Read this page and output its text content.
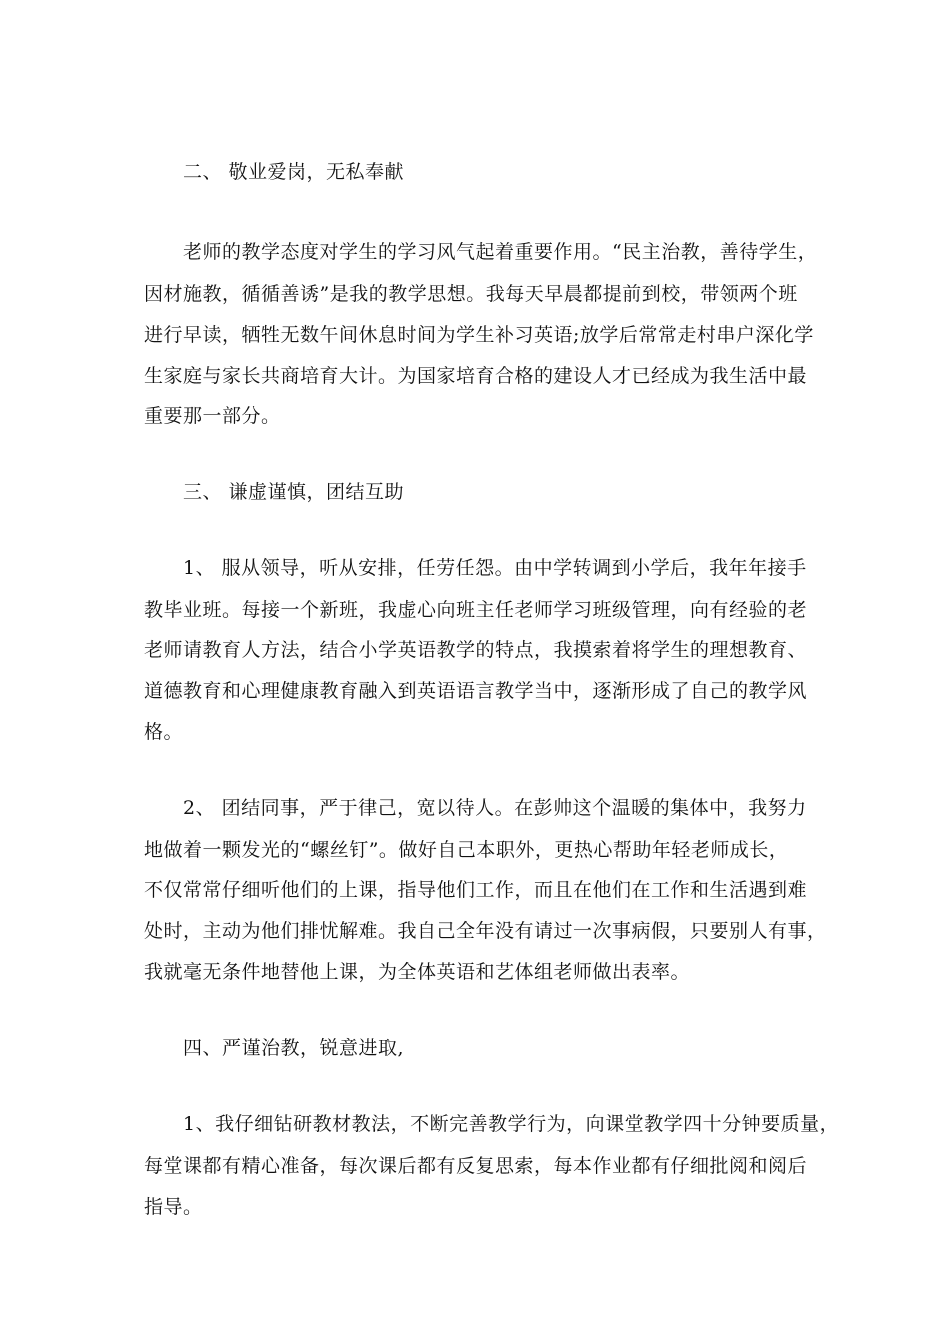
二、 敬业爱岗，无私奉献
老师的教学态度对学生的学习风气起着重要作用。“民主治教，善待学生，
因材施教，循循善诱”是我的教学思想。我每天早晨都提前到校，带领两个班
进行早读，牺牲无数午间休息时间为学生补习英语;放学后常常走村串户深化学
生家庭与家长共商培育大计。为国家培育合格的建设人才已经成为我生活中最
重要那一部分。
三、 谦虚谨慎，团结互助
1、 服从领导，听从安排，任劳任怨。由中学转调到小学后，我年年接手
教毕业班。每接一个新班，我虚心向班主任老师学习班级管理，向有经验的老
老师请教育人方法，结合小学英语教学的特点，我摸索着将学生的理想教育、
道德教育和心理健康教育融入到英语语言教学当中，逐渐形成了自己的教学风
格。
2、 团结同事，严于律己，宽以待人。在彭帅这个温暖的集体中，我努力
地做着一颗发光的“螺丝钉”。做好自己本职外，更热心帮助年轻老师成长，
不仅常常仔细听他们的上课，指导他们工作，而且在他们在工作和生活遇到难
处时，主动为他们排忧解难。我自己全年没有请过一次事病假，只要别人有事，
我就毫无条件地替他上课，为全体英语和艺体组老师做出表率。
四、严谨治教，锐意进取,
1、我仔细钻研教材教法，不断完善教学行为，向课堂教学四十分钟要质量，
每堂课都有精心准备，每次课后都有反复思索，每本作业都有仔细批阅和阅后
指导。
